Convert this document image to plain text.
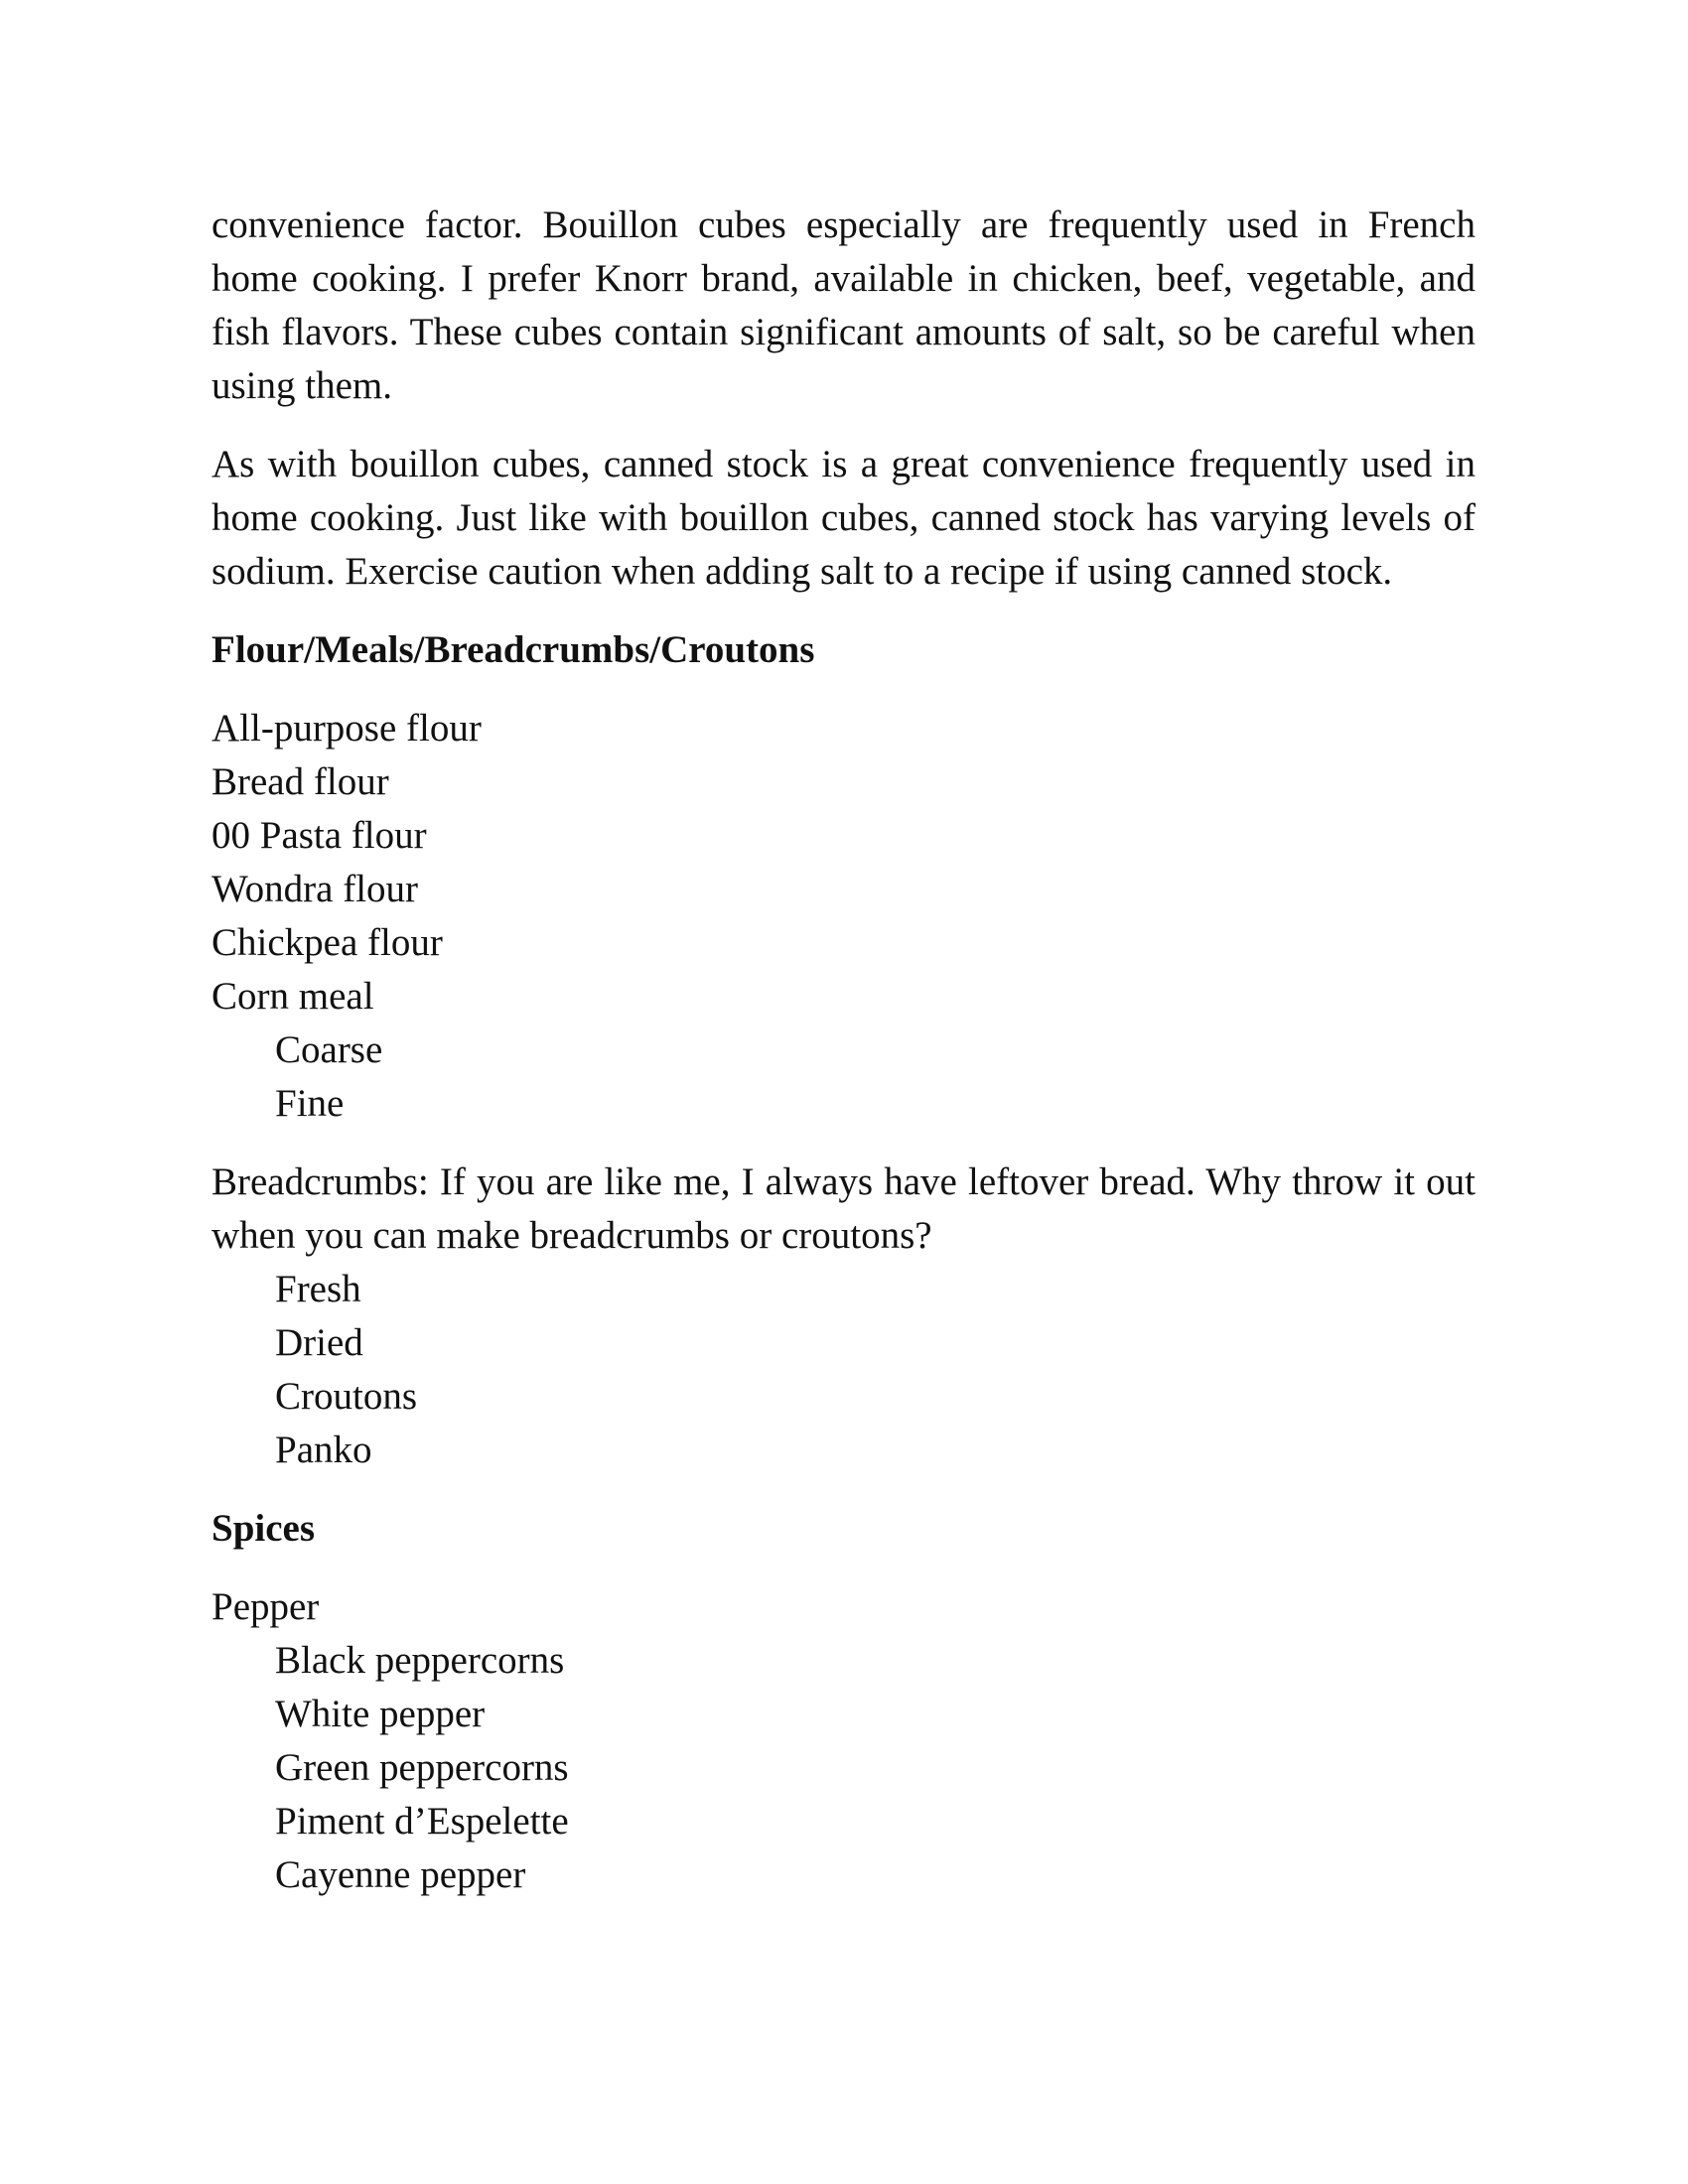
convenience factor. Bouillon cubes especially are frequently used in French home cooking. I prefer Knorr brand, available in chicken, beef, vegetable, and fish flavors. These cubes contain significant amounts of salt, so be careful when using them.

As with bouillon cubes, canned stock is a great convenience frequently used in home cooking. Just like with bouillon cubes, canned stock has varying levels of sodium. Exercise caution when adding salt to a recipe if using canned stock.

Flour/Meals/Breadcrumbs/Croutons

All-purpose flour
Bread flour
00 Pasta flour
Wondra flour
Chickpea flour
Corn meal
Coarse
Fine

Breadcrumbs: If you are like me, I always have leftover bread. Why throw it out when you can make breadcrumbs or croutons?

Fresh
Dried
Croutons
Panko

Spices

Pepper
Black peppercorns
White pepper
Green peppercorns
Piment d’Espelette
Cayenne pepper
